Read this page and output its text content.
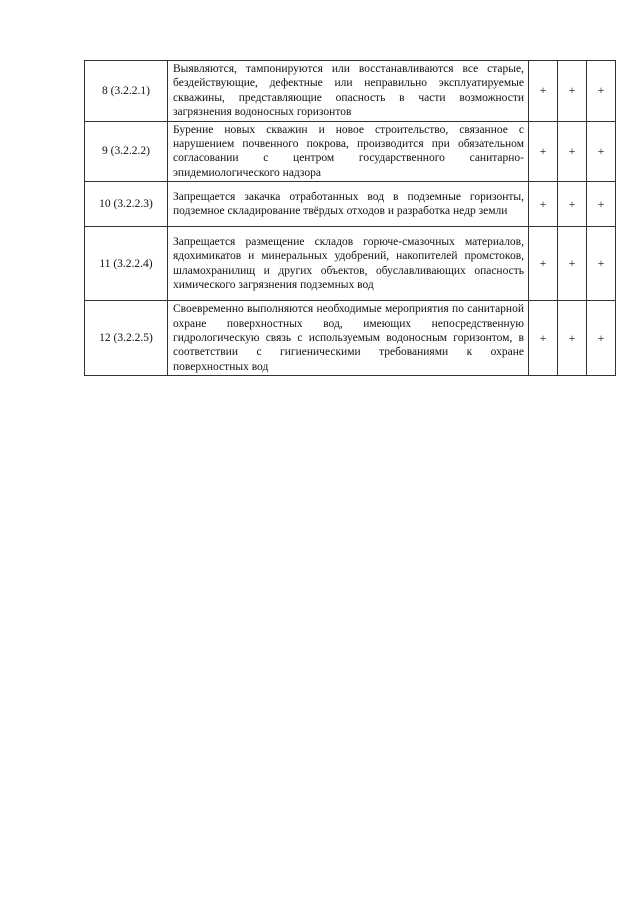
8 (3.2.2.1)	Выявляются, тампонируются или восстанавливаются все старые, бездействующие, дефектные или неправильно эксплуатируемые скважины, представляющие опасность в части возможности загрязнения водоносных горизонтов	+	+	+
9 (3.2.2.2)	Бурение новых скважин и новое строительство, связанное с нарушением почвенного покрова, производится при обязательном согласовании с центром государственного санитарно-эпидемиологического надзора	+	+	+
10 (3.2.2.3)	Запрещается закачка отработанных вод в подземные горизонты, подземное складирование твёрдых отходов и разработка недр земли	+	+	+
11 (3.2.2.4)	Запрещается размещение складов горюче-смазочных материалов, ядохимикатов и минеральных удобрений, накопителей промстоков, шламохранилищ и других объектов, обуславливающих опасность химического загрязнения подземных вод	+	+	+
12 (3.2.2.5)	Своевременно выполняются необходимые мероприятия по санитарной охране поверхностных вод, имеющих непосредственную гидрологическую связь с используемым водоносным горизонтом, в соответствии с гигиеническими требованиями к охране поверхностных вод	+	+	+
